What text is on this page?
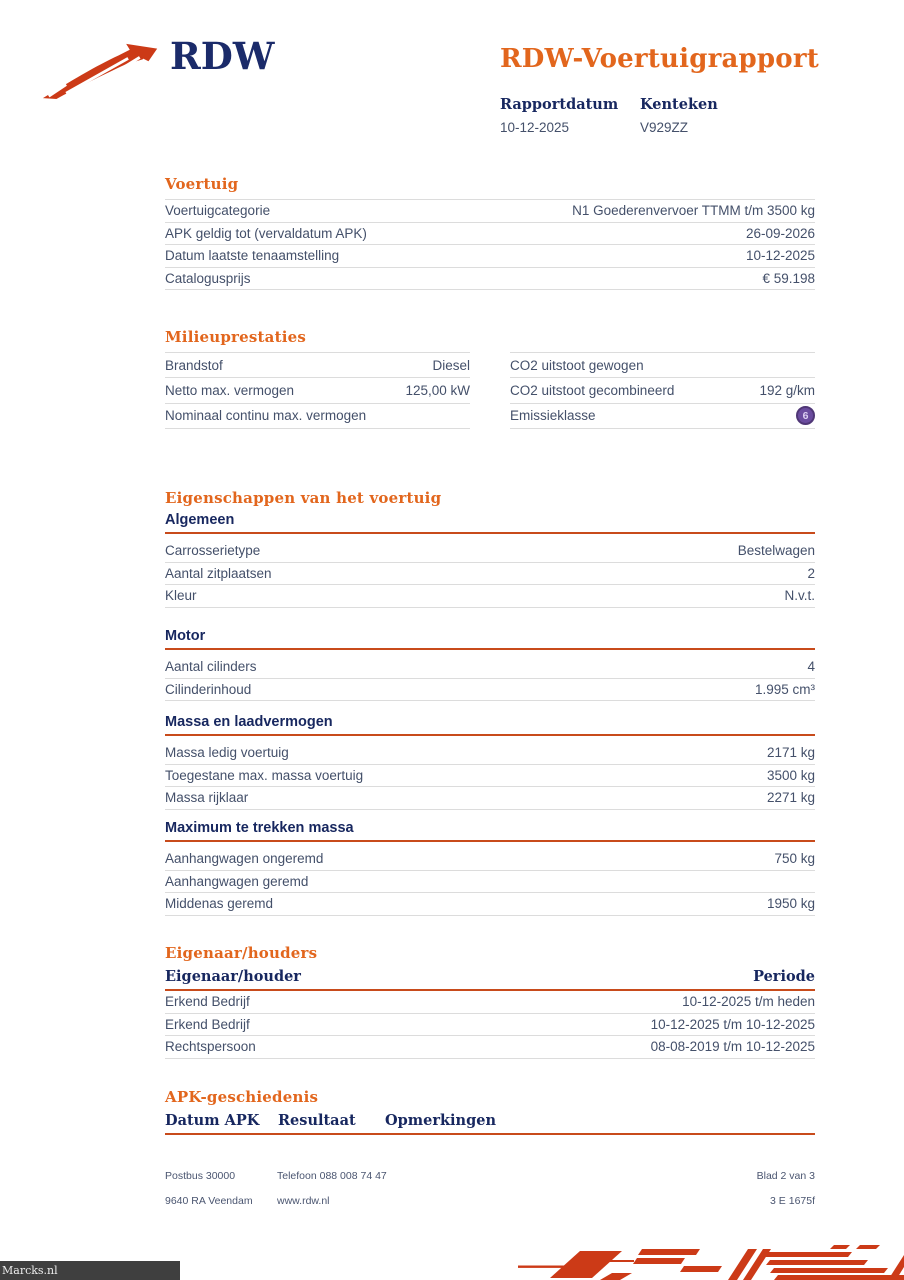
RDW	RDW-Voertuigrapport
Rapportdatum
10-12-2025
Kenteken
V929ZZ
Voertuig
Voertuigcategorie	N1 Goederenvervoer TTMM t/m 3500 kg
APK geldig tot (vervaldatum APK)	26-09-2026
Datum laatste tenaamstelling	10-12-2025
Catalogusprijs	€ 59.198
Milieuprestaties
Brandstof	Diesel
Netto max. vermogen	125,00 kW
Nominaal continu max. vermogen
CO2 uitstoot gewogen
CO2 uitstoot gecombineerd	192 g/km
Emissieklasse	6
Eigenschappen van het voertuig
Algemeen
Carrosserietype	Bestelwagen
Aantal zitplaatsen	2
Kleur	N.v.t.
Motor
Aantal cilinders	4
Cilinderinhoud	1.995 cm³
Massa en laadvermogen
Massa ledig voertuig	2171 kg
Toegestane max. massa voertuig	3500 kg
Massa rijklaar	2271 kg
Maximum te trekken massa
Aanhangwagen ongeremd	750 kg
Aanhangwagen geremd
Middenas geremd	1950 kg
Eigenaar/houders
Eigenaar/houder	Periode
Erkend Bedrijf	10-12-2025 t/m heden
Erkend Bedrijf	10-12-2025 t/m 10-12-2025
Rechtspersoon	08-08-2019 t/m 10-12-2025
APK-geschiedenis
Datum APK	Resultaat	Opmerkingen
Postbus 30000	Telefoon 088 008 74 47	Blad 2 van 3
9640 RA Veendam	www.rdw.nl	3 E 1675f
Marcks.nl
